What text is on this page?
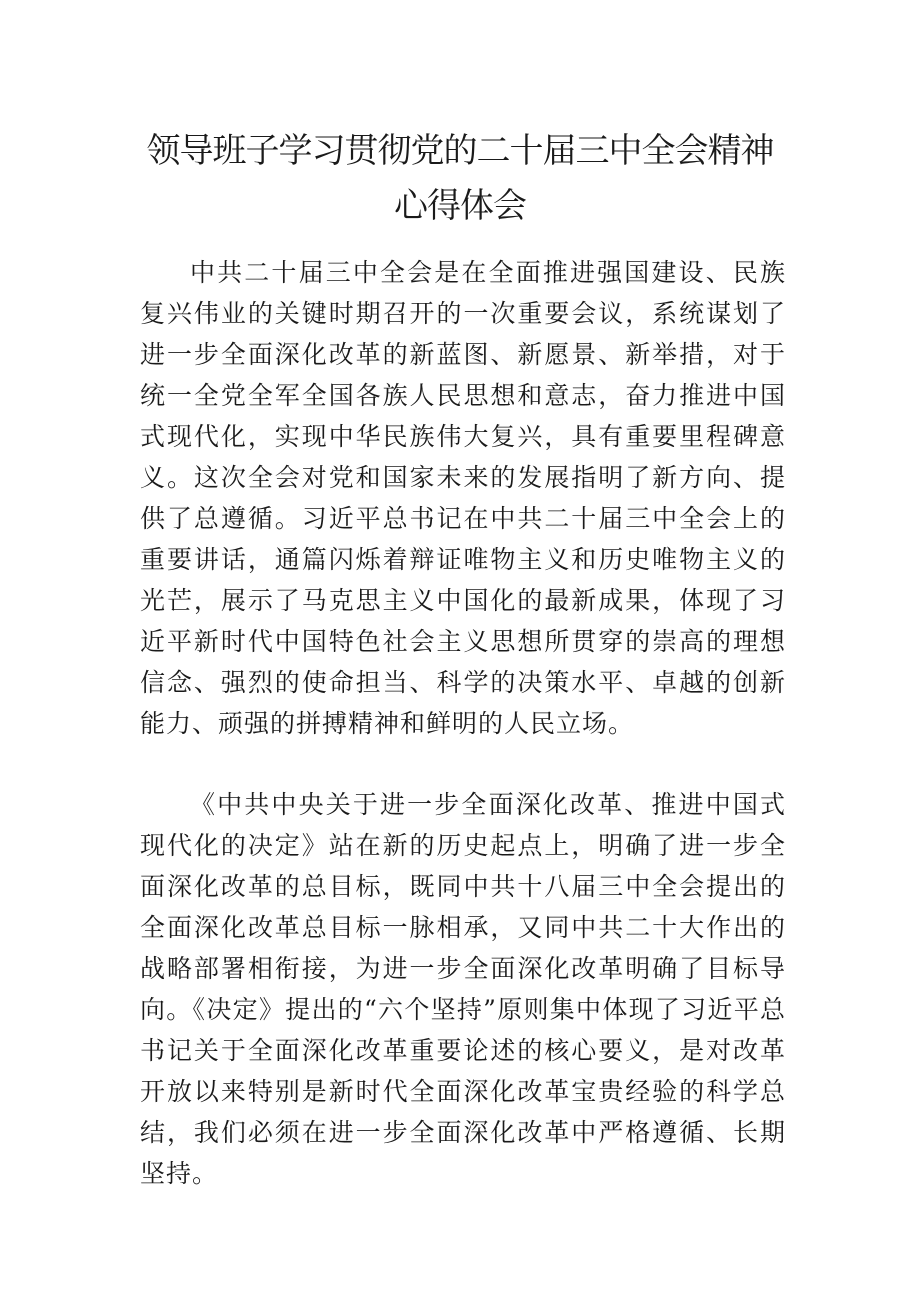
领导班子学习贯彻党的二十届三中全会精神心得体会

中共二十届三中全会是在全面推进强国建设、民族复兴伟业的关键时期召开的一次重要会议，系统谋划了进一步全面深化改革的新蓝图、新愿景、新举措，对于统一全党全军全国各族人民思想和意志，奋力推进中国式现代化，实现中华民族伟大复兴，具有重要里程碑意义。这次全会对党和国家未来的发展指明了新方向、提供了总遵循。习近平总书记在中共二十届三中全会上的重要讲话，通篇闪烁着辩证唯物主义和历史唯物主义的光芒，展示了马克思主义中国化的最新成果，体现了习近平新时代中国特色社会主义思想所贯穿的崇高的理想信念、强烈的使命担当、科学的决策水平、卓越的创新能力、顽强的拼搏精神和鲜明的人民立场。

《中共中央关于进一步全面深化改革、推进中国式现代化的决定》站在新的历史起点上，明确了进一步全面深化改革的总目标，既同中共十八届三中全会提出的全面深化改革总目标一脉相承，又同中共二十大作出的战略部署相衔接，为进一步全面深化改革明确了目标导向。《决定》提出的“六个坚持”原则集中体现了习近平总书记关于全面深化改革重要论述的核心要义，是对改革开放以来特别是新时代全面深化改革宝贵经验的科学总结，我们必须在进一步全面深化改革中严格遵循、长期坚持。
